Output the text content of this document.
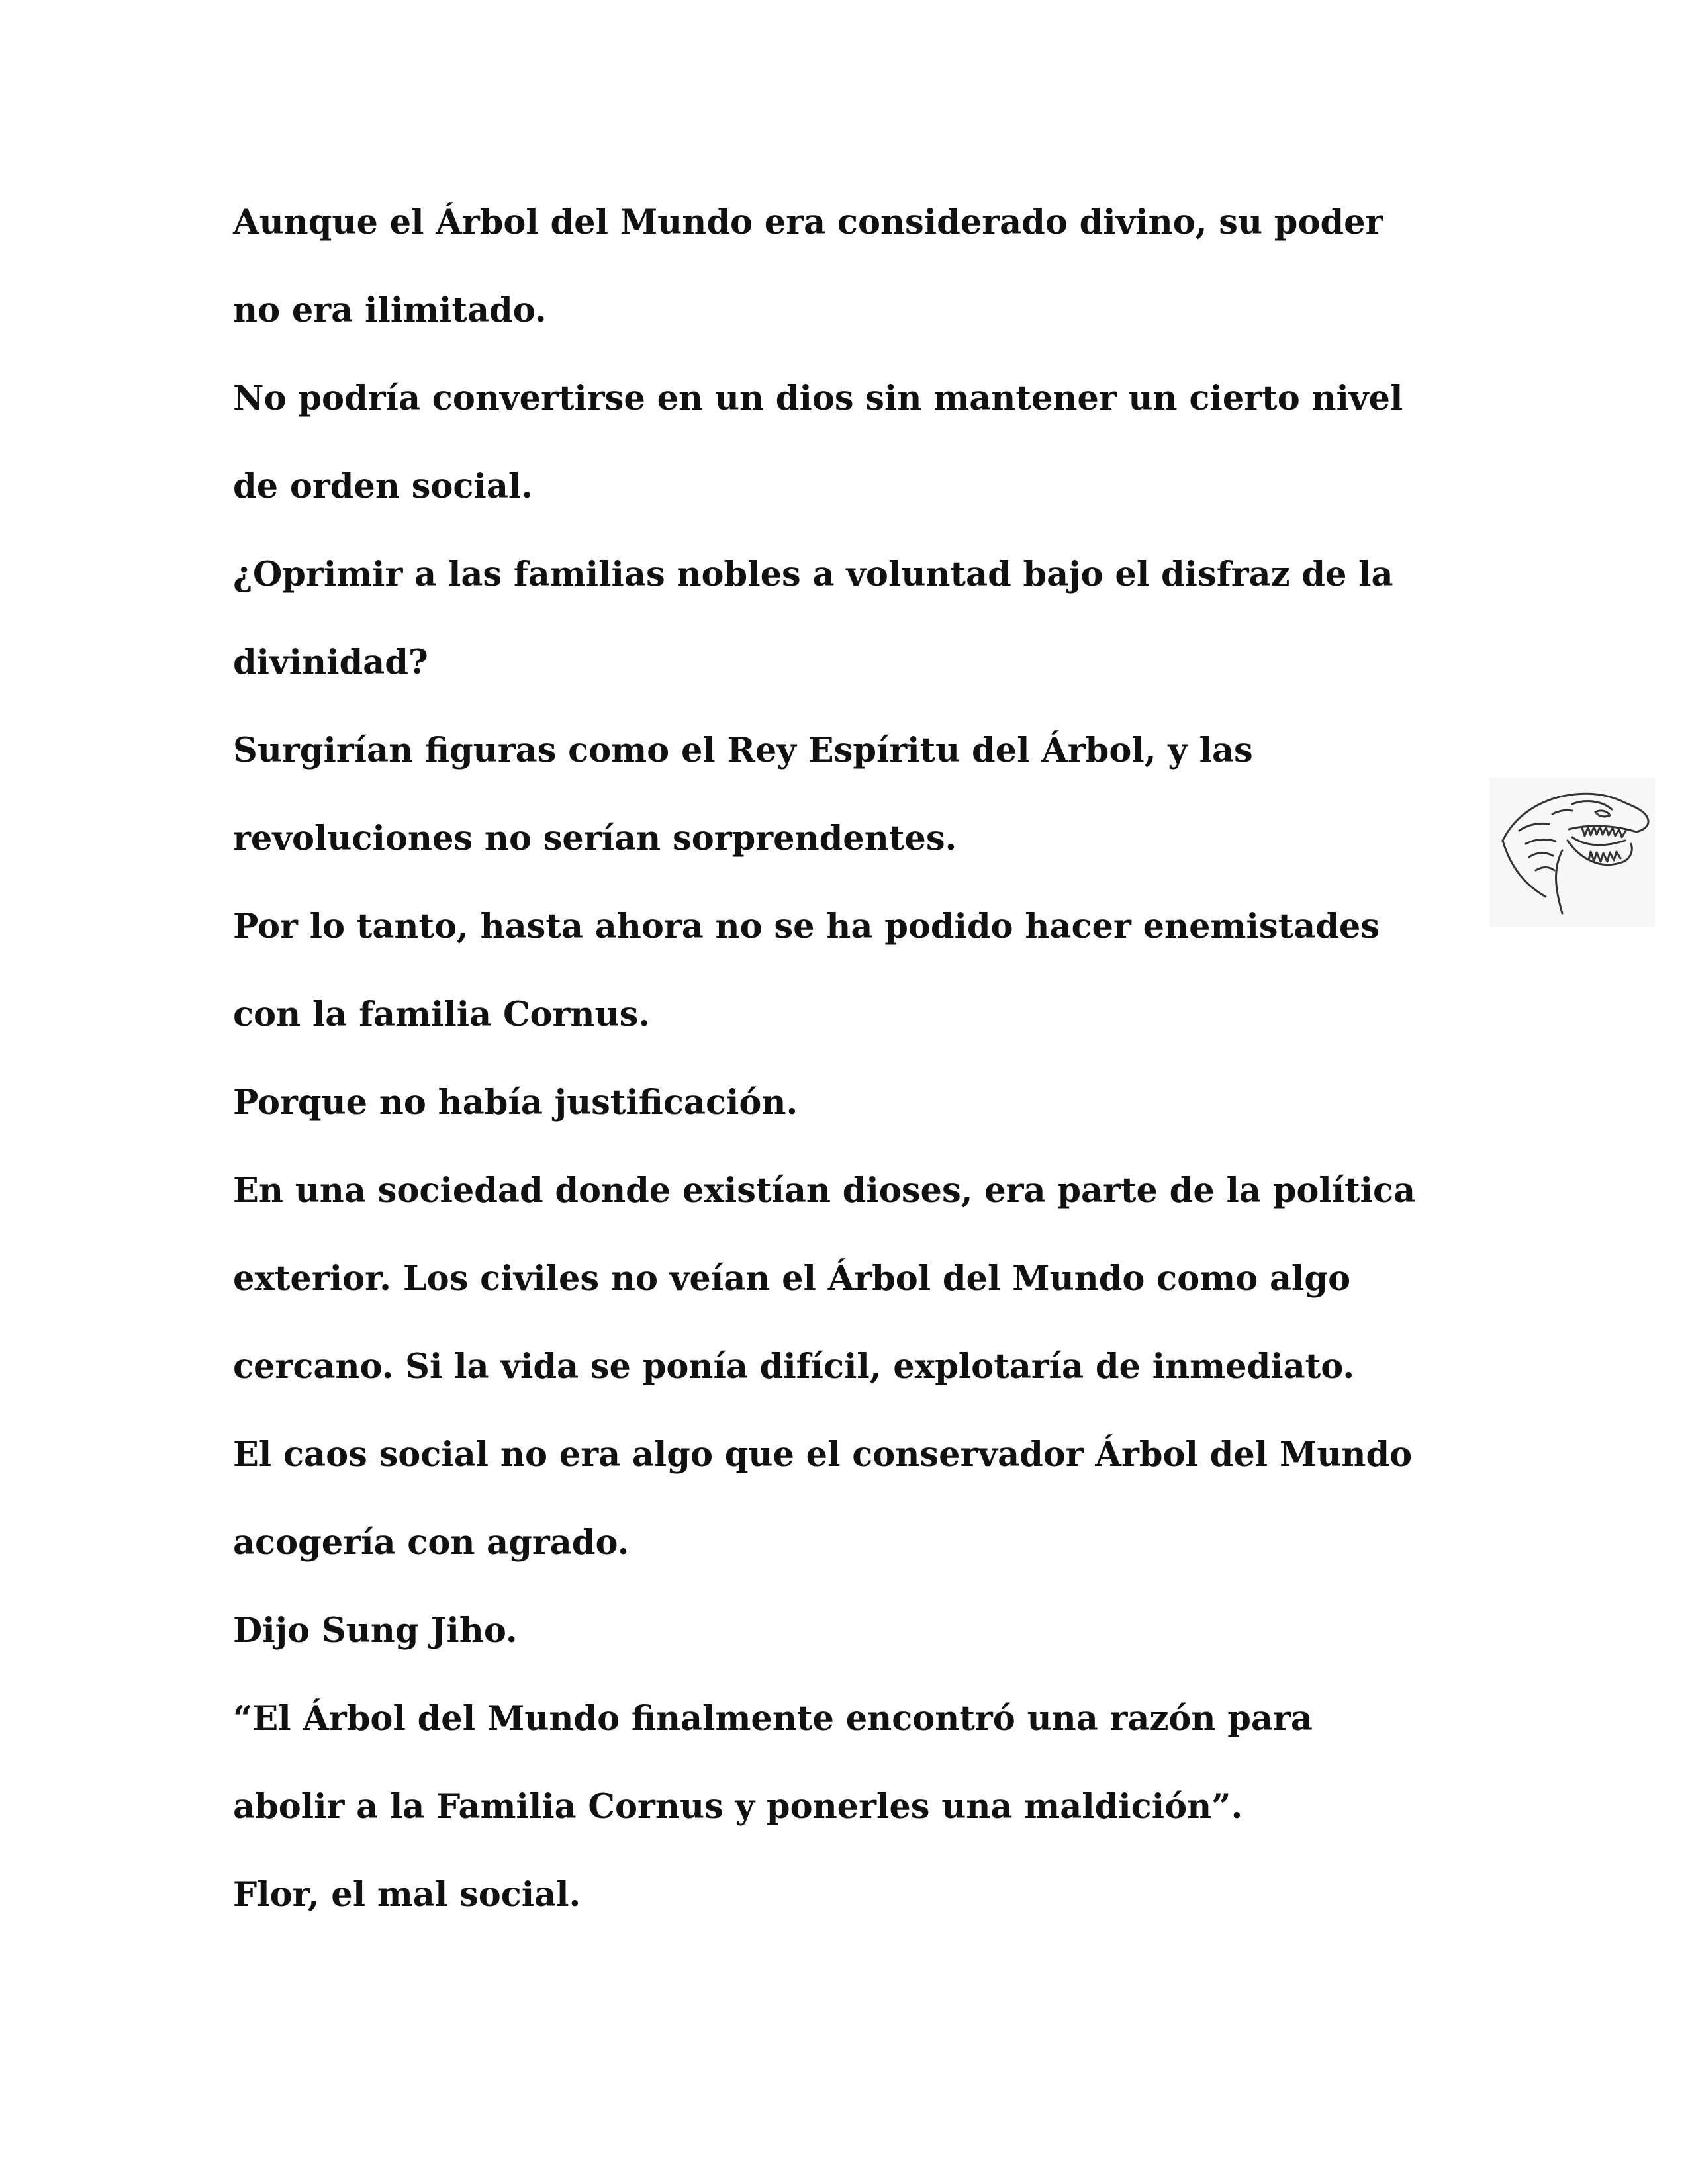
Aunque el Árbol del Mundo era considerado divino, su poder
no era ilimitado.
No podría convertirse en un dios sin mantener un cierto nivel
de orden social.
¿Oprimir a las familias nobles a voluntad bajo el disfraz de la
divinidad?
Surgirían figuras como el Rey Espíritu del Árbol, y las
revoluciones no serían sorprendentes.
Por lo tanto, hasta ahora no se ha podido hacer enemistades
con la familia Cornus.
Porque no había justificación.
En una sociedad donde existían dioses, era parte de la política
exterior. Los civiles no veían el Árbol del Mundo como algo
cercano. Si la vida se ponía difícil, explotaría de inmediato.
El caos social no era algo que el conservador Árbol del Mundo
acogería con agrado.
Dijo Sung Jiho.
“El Árbol del Mundo finalmente encontró una razón para
abolir a la Familia Cornus y ponerles una maldición”.
Flor, el mal social.
